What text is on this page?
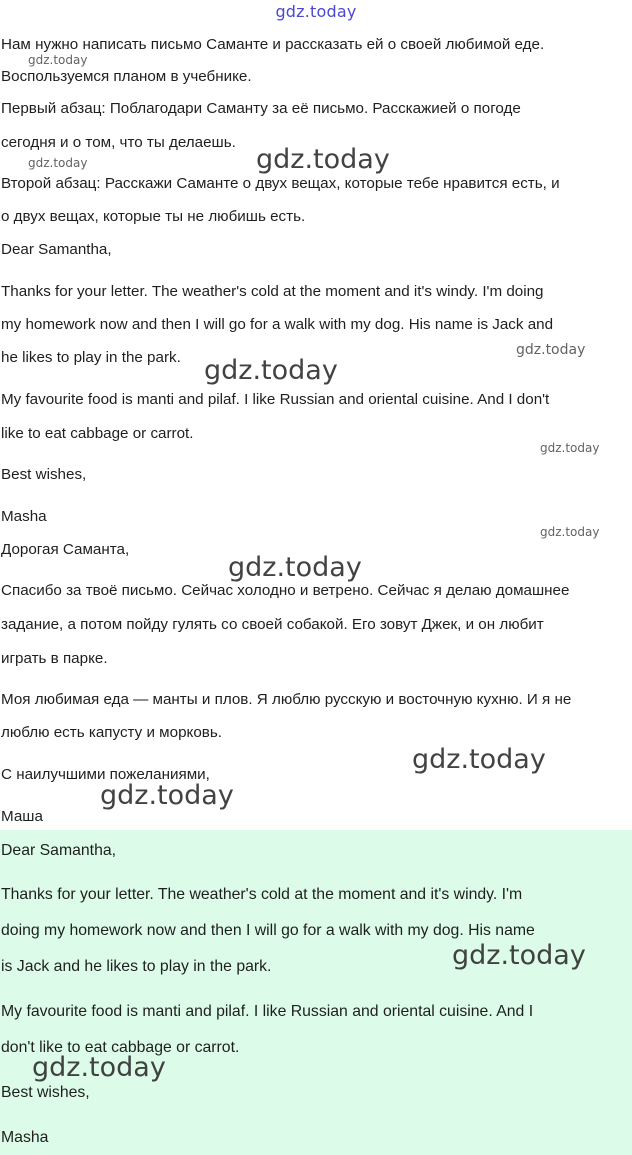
gdz.today

Нам нужно написать письмо Саманте и рассказать ей о своей любимой еде.

Воспользуемся планом в учебнике.

Первый абзац: Поблагодари Саманту за её письмо. Расскажией о погоде

сегодня и о том, что ты делаешь.

Второй абзац: Расскажи Саманте о двух вещах, которые тебе нравится есть, и

о двух вещах, которые ты не любишь есть.

Dear Samantha,

Thanks for your letter. The weather's cold at the moment and it's windy. I'm doing

my homework now and then I will go for a walk with my dog. His name is Jack and

he likes to play in the park.

My favourite food is manti and pilaf. I like Russian and oriental cuisine. And I don't

like to eat cabbage or carrot.

Best wishes,

Masha

Дорогая Саманта,

Спасибо за твоё письмо. Сейчас холодно и ветрено. Сейчас я делаю домашнее

задание, а потом пойду гулять со своей собакой. Его зовут Джек, и он любит

играть в парке.

Моя любимая еда — манты и плов. Я люблю русскую и восточную кухню. И я не

люблю есть капусту и морковь.

С наилучшими пожеланиями,

Маша

Dear Samantha,

Thanks for your letter. The weather's cold at the moment and it's windy. I'm

doing my homework now and then I will go for a walk with my dog. His name

is Jack and he likes to play in the park.

My favourite food is manti and pilaf. I like Russian and oriental cuisine. And I

don't like to eat cabbage or carrot.

Best wishes,

Masha

gdz.today
gdz.today	gdz.today
gdz.today
gdz.today
gdz.today
gdz.today
gdz.today
gdz.today
gdz.today
gdz.today
gdz.today
